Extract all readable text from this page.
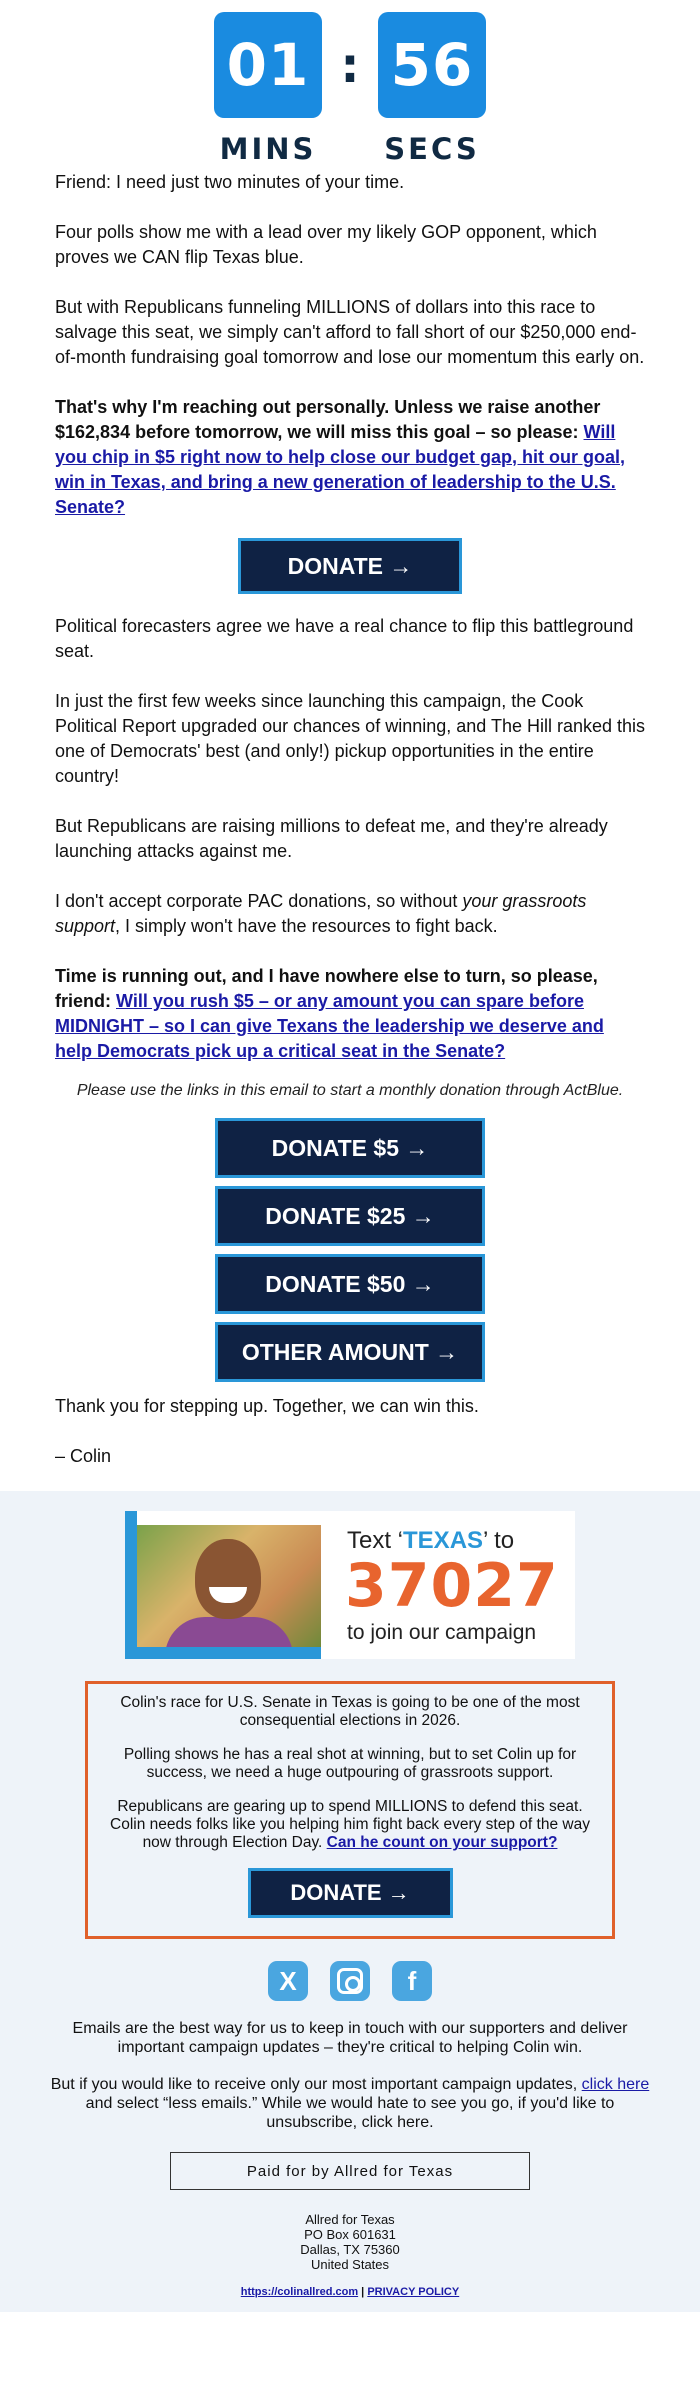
01 : 56
MINS	SECS

Friend: I need just two minutes of your time.

Four polls show me with a lead over my likely GOP opponent, which proves we CAN flip Texas blue.

But with Republicans funneling MILLIONS of dollars into this race to salvage this seat, we simply can't afford to fall short of our $250,000 end-of-month fundraising goal tomorrow and lose our momentum this early on.

That's why I'm reaching out personally. Unless we raise another $162,834 before tomorrow, we will miss this goal – so please: Will you chip in $5 right now to help close our budget gap, hit our goal, win in Texas, and bring a new generation of leadership to the U.S. Senate?

DONATE →

Political forecasters agree we have a real chance to flip this battleground seat.

In just the first few weeks since launching this campaign, the Cook Political Report upgraded our chances of winning, and The Hill ranked this one of Democrats' best (and only!) pickup opportunities in the entire country!

But Republicans are raising millions to defeat me, and they're already launching attacks against me.

I don't accept corporate PAC donations, so without your grassroots support, I simply won't have the resources to fight back.

Time is running out, and I have nowhere else to turn, so please, friend: Will you rush $5 – or any amount you can spare before MIDNIGHT – so I can give Texans the leadership we deserve and help Democrats pick up a critical seat in the Senate?

Please use the links in this email to start a monthly donation through ActBlue.

DONATE $5 →
DONATE $25 →
DONATE $50 →
OTHER AMOUNT →

Thank you for stepping up. Together, we can win this.

– Colin

Text ‘TEXAS’ to
37027
to join our campaign

Colin's race for U.S. Senate in Texas is going to be one of the most consequential elections in 2026.

Polling shows he has a real shot at winning, but to set Colin up for success, we need a huge outpouring of grassroots support.

Republicans are gearing up to spend MILLIONS to defend this seat. Colin needs folks like you helping him fight back every step of the way now through Election Day. Can he count on your support?

DONATE →
X	f

Emails are the best way for us to keep in touch with our supporters and deliver important campaign updates – they're critical to helping Colin win.

But if you would like to receive only our most important campaign updates, click here and select “less emails.” While we would hate to see you go, if you'd like to unsubscribe, click here.

Paid for by Allred for Texas
Allred for Texas
PO Box 601631
Dallas, TX 75360
United States
https://colinallred.com | PRIVACY POLICY
